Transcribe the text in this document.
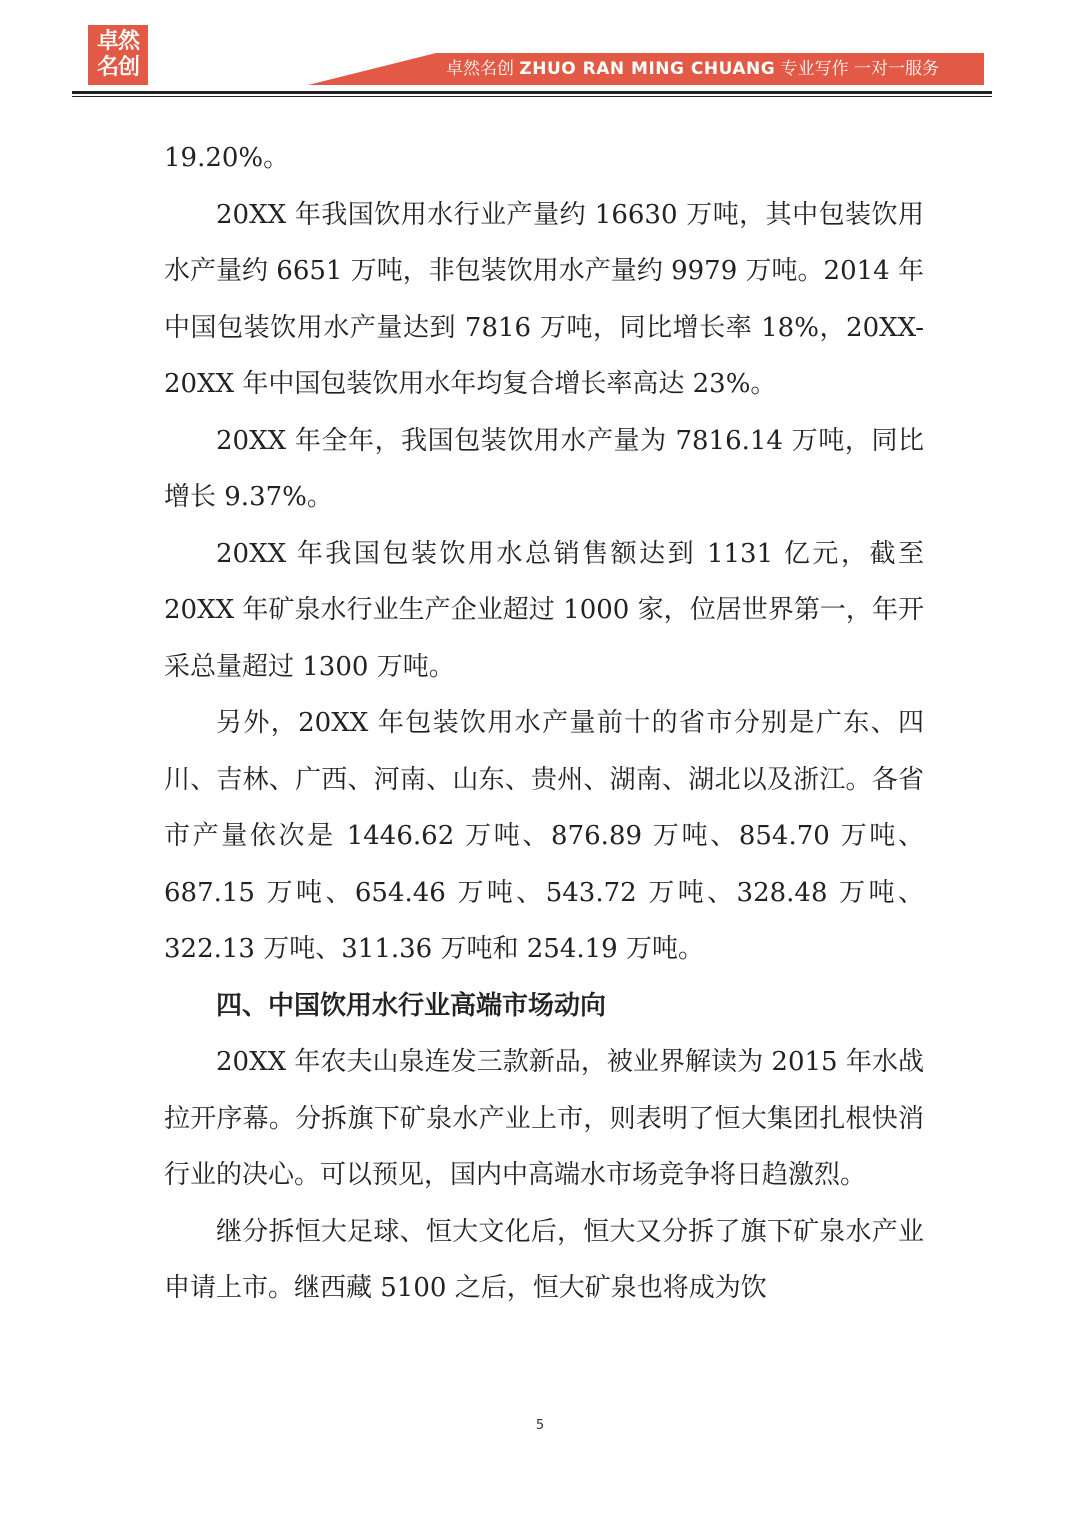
卓然名创	卓然名创 ZHUO RAN MING CHUANG 专业写作 一对一服务

19.20%。

20XX 年我国饮用水行业产量约 16630 万吨，其中包装饮用水产量约 6651 万吨，非包装饮用水产量约 9979 万吨。2014 年中国包装饮用水产量达到 7816 万吨，同比增长率 18%，20XX-20XX 年中国包装饮用水年均复合增长率高达 23%。

20XX 年全年，我国包装饮用水产量为 7816.14 万吨，同比增长 9.37%。

20XX 年我国包装饮用水总销售额达到 1131 亿元，截至 20XX 年矿泉水行业生产企业超过 1000 家，位居世界第一，年开采总量超过 1300 万吨。

另外，20XX 年包装饮用水产量前十的省市分别是广东、四川、吉林、广西、河南、山东、贵州、湖南、湖北以及浙江。各省市产量依次是 1446.62 万吨、876.89 万吨、854.70 万吨、687.15 万吨、654.46 万吨、543.72 万吨、328.48 万吨、322.13 万吨、311.36 万吨和 254.19 万吨。

四、中国饮用水行业高端市场动向

20XX 年农夫山泉连发三款新品，被业界解读为 2015 年水战拉开序幕。分拆旗下矿泉水产业上市，则表明了恒大集团扎根快消行业的决心。可以预见，国内中高端水市场竞争将日趋激烈。

继分拆恒大足球、恒大文化后，恒大又分拆了旗下矿泉水产业申请上市。继西藏 5100 之后，恒大矿泉也将成为饮

5
